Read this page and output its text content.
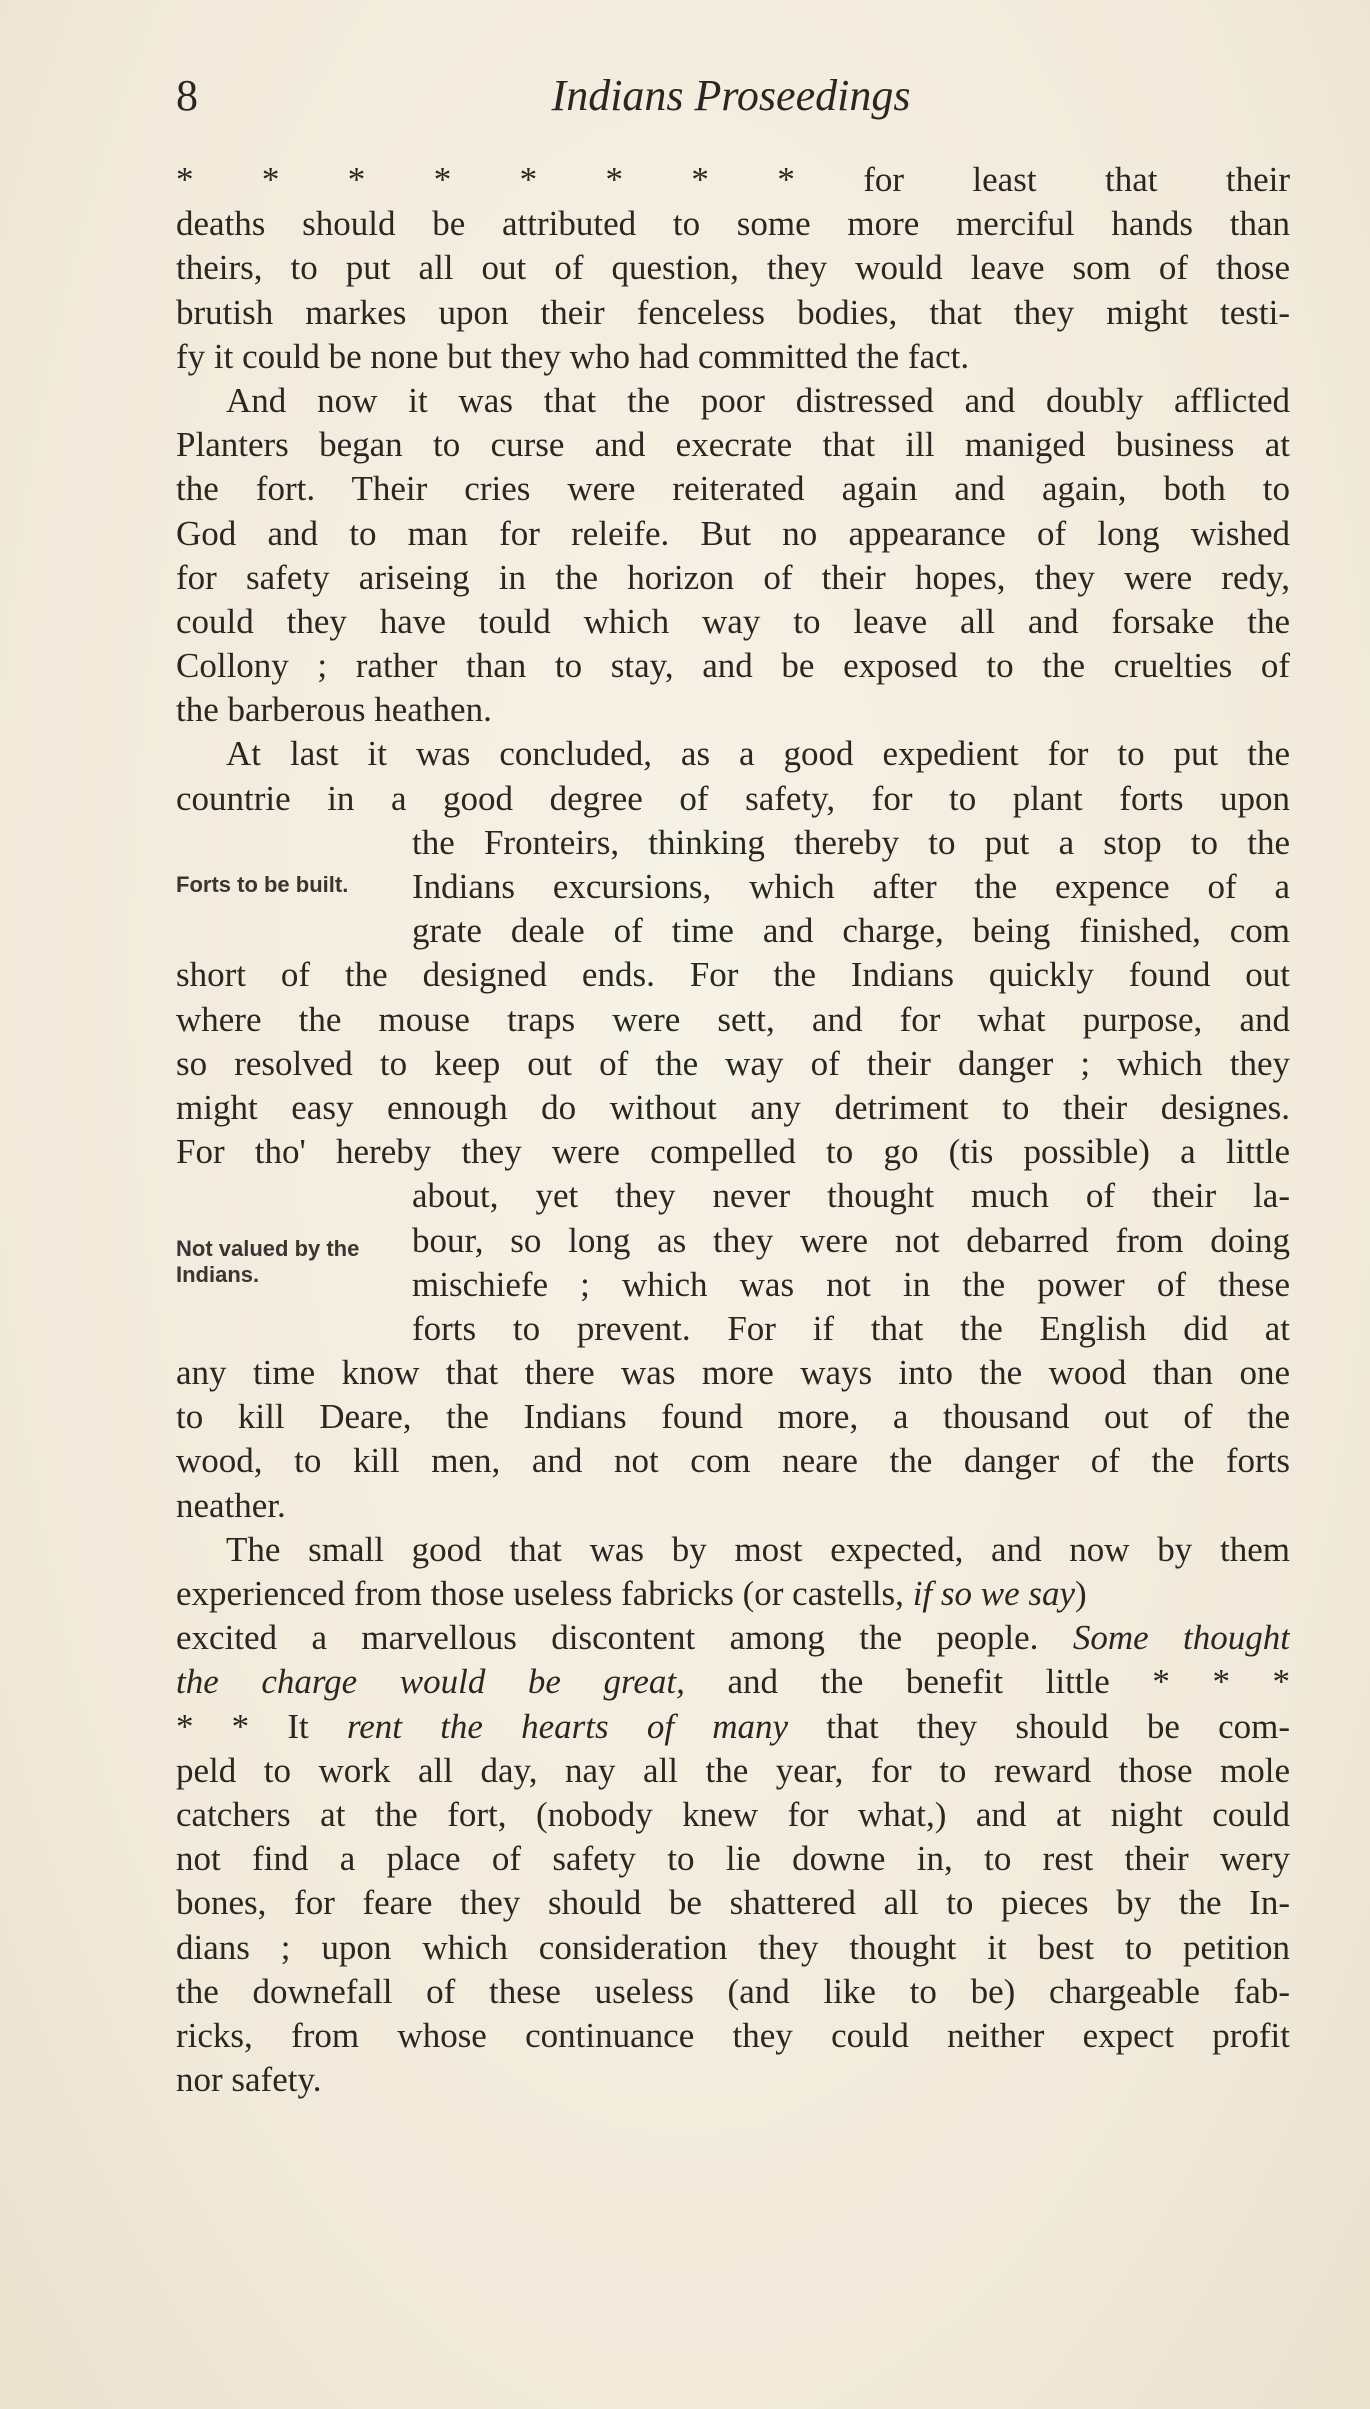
8	Indians Proseedings
Forts to be built.
Not valued by the Indians.
* * * * * * * * for least that their
deaths should be attributed to some more merciful hands than
theirs, to put all out of question, they would leave som of those
brutish markes upon their fenceless bodies, that they might testi-
fy it could be none but they who had committed the fact.
And now it was that the poor distressed and doubly afflicted
Planters began to curse and execrate that ill maniged business at
the fort. Their cries were reiterated again and again, both to
God and to man for releife. But no appearance of long wished
for safety ariseing in the horizon of their hopes, they were redy,
could they have tould which way to leave all and forsake the
Collony ; rather than to stay, and be exposed to the cruelties of
the barberous heathen.
At last it was concluded, as a good expedient for to put the
countrie in a good degree of safety, for to plant forts upon
the Fronteirs, thinking thereby to put a stop to the
Indians excursions, which after the expence of a
grate deale of time and charge, being finished, com
short of the designed ends. For the Indians quickly found out
where the mouse traps were sett, and for what purpose, and
so resolved to keep out of the way of their danger ; which they
might easy ennough do without any detriment to their designes.
For tho' hereby they were compelled to go (tis possible) a little
about, yet they never thought much of their la-
bour, so long as they were not debarred from doing
mischiefe ; which was not in the power of these
forts to prevent. For if that the English did at
any time know that there was more ways into the wood than one
to kill Deare, the Indians found more, a thousand out of the
wood, to kill men, and not com neare the danger of the forts
neather.
The small good that was by most expected, and now by them
experienced from those useless fabricks (or castells, if so we say)
excited a marvellous discontent among the people. Some thought
the charge would be great, and the benefit little * * *
* * It rent the hearts of many that they should be com-
peld to work all day, nay all the year, for to reward those mole
catchers at the fort, (nobody knew for what,) and at night could
not find a place of safety to lie downe in, to rest their wery
bones, for feare they should be shattered all to pieces by the In-
dians ; upon which consideration they thought it best to petition
the downefall of these useless (and like to be) chargeable fab-
ricks, from whose continuance they could neither expect profit
nor safety.
